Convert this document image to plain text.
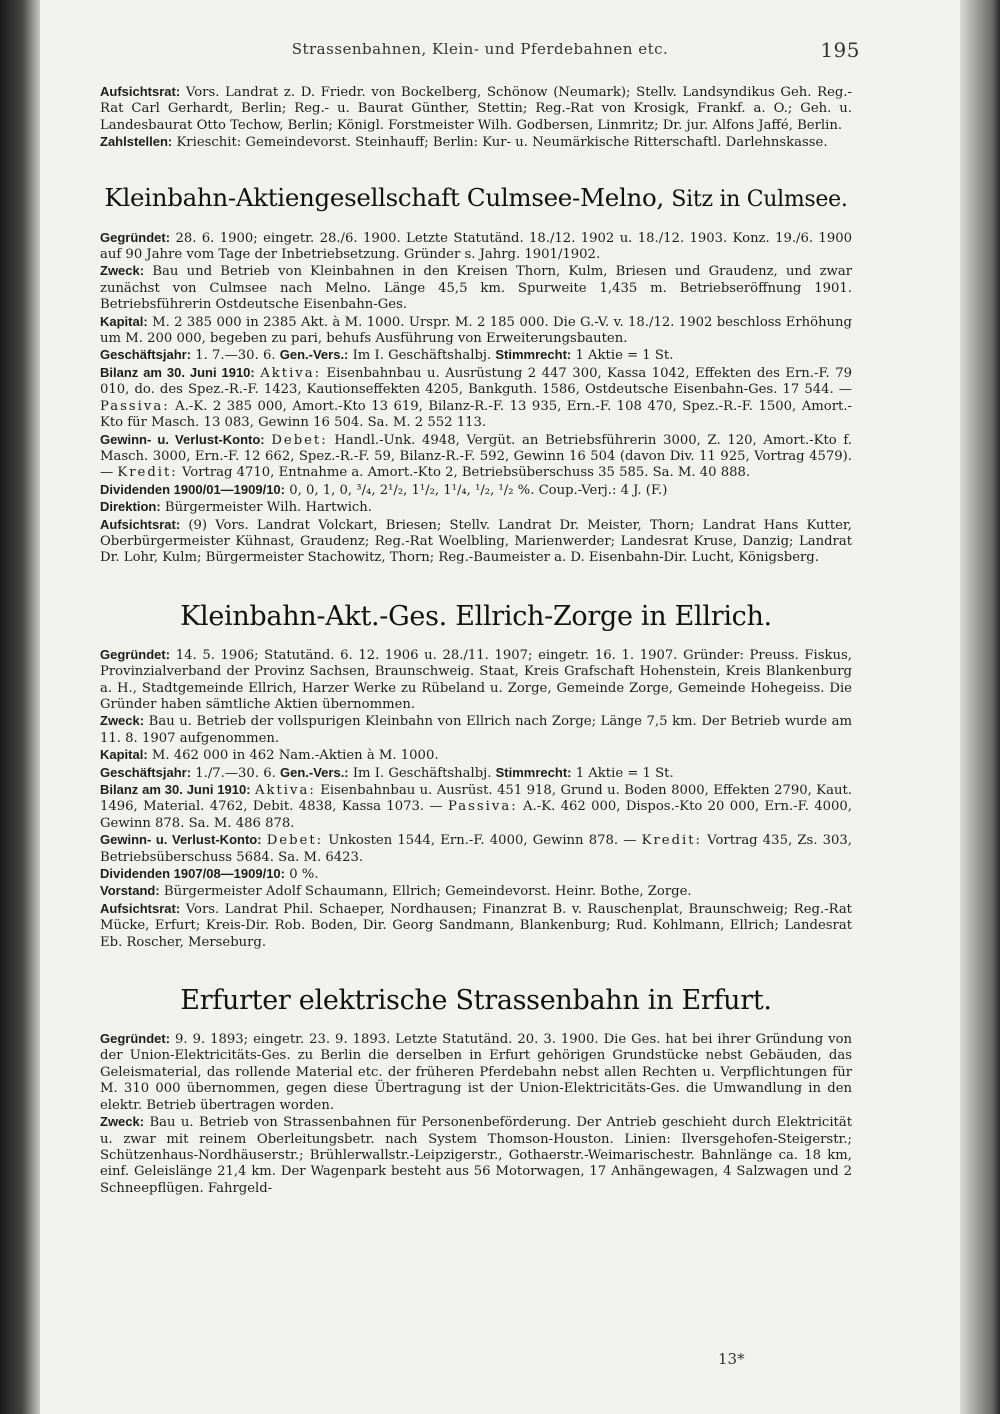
Strassenbahnen, Klein- und Pferdebahnen etc.	195

Aufsichtsrat: Vors. Landrat z. D. Friedr. von Bockelberg, Schönow (Neumark); Stellv. Landsyndikus Geh. Reg.-Rat Carl Gerhardt, Berlin; Reg.- u. Baurat Günther, Stettin; Reg.-Rat von Krosigk, Frankf. a. O.; Geh. u. Landesbaurat Otto Techow, Berlin; Königl. Forstmeister Wilh. Godbersen, Linmritz; Dr. jur. Alfons Jaffé, Berlin.

Zahlstellen: Krieschit: Gemeindevorst. Steinhauff; Berlin: Kur- u. Neumärkische Ritterschaftl. Darlehnskasse.

Kleinbahn-Aktiengesellschaft Culmsee-Melno, Sitz in Culmsee.

Gegründet: 28. 6. 1900; eingetr. 28./6. 1900. Letzte Statutänd. 18./12. 1902 u. 18./12. 1903. Konz. 19./6. 1900 auf 90 Jahre vom Tage der Inbetriebsetzung. Gründer s. Jahrg. 1901/1902.

Zweck: Bau und Betrieb von Kleinbahnen in den Kreisen Thorn, Kulm, Briesen und Graudenz, und zwar zunächst von Culmsee nach Melno. Länge 45,5 km. Spurweite 1,435 m. Betriebseröffnung 1901. Betriebsführerin Ostdeutsche Eisenbahn-Ges.

Kapital: M. 2 385 000 in 2385 Akt. à M. 1000. Urspr. M. 2 185 000. Die G.-V. v. 18./12. 1902 beschloss Erhöhung um M. 200 000, begeben zu pari, behufs Ausführung von Erweiterungsbauten.

Geschäftsjahr: 1. 7.—30. 6. Gen.-Vers.: Im I. Geschäftshalbj. Stimmrecht: 1 Aktie = 1 St.

Bilanz am 30. Juni 1910: Aktiva: Eisenbahnbau u. Ausrüstung 2 447 300, Kassa 1042, Effekten des Ern.-F. 79 010, do. des Spez.-R.-F. 1423, Kautionseffekten 4205, Bankguth. 1586, Ostdeutsche Eisenbahn-Ges. 17 544. — Passiva: A.-K. 2 385 000, Amort.-Kto 13 619, Bilanz-R.-F. 13 935, Ern.-F. 108 470, Spez.-R.-F. 1500, Amort.-Kto für Masch. 13 083, Gewinn 16 504. Sa. M. 2 552 113.

Gewinn- u. Verlust-Konto: Debet: Handl.-Unk. 4948, Vergüt. an Betriebsführerin 3000, Z. 120, Amort.-Kto f. Masch. 3000, Ern.-F. 12 662, Spez.-R.-F. 59, Bilanz-R.-F. 592, Gewinn 16 504 (davon Div. 11 925, Vortrag 4579). — Kredit: Vortrag 4710, Entnahme a. Amort.-Kto 2, Betriebsüberschuss 35 585. Sa. M. 40 888.

Dividenden 1900/01—1909/10: 0, 0, 1, 0, ³/₄, 2¹/₂, 1¹/₂, 1¹/₄, ¹/₂, ¹/₂ %. Coup.-Verj.: 4 J. (F.)

Direktion: Bürgermeister Wilh. Hartwich.

Aufsichtsrat: (9) Vors. Landrat Volckart, Briesen; Stellv. Landrat Dr. Meister, Thorn; Landrat Hans Kutter, Oberbürgermeister Kühnast, Graudenz; Reg.-Rat Woelbling, Marienwerder; Landesrat Kruse, Danzig; Landrat Dr. Lohr, Kulm; Bürgermeister Stachowitz, Thorn; Reg.-Baumeister a. D. Eisenbahn-Dir. Lucht, Königsberg.

Kleinbahn-Akt.-Ges. Ellrich-Zorge in Ellrich.

Gegründet: 14. 5. 1906; Statutänd. 6. 12. 1906 u. 28./11. 1907; eingetr. 16. 1. 1907. Gründer: Preuss. Fiskus, Provinzialverband der Provinz Sachsen, Braunschweig. Staat, Kreis Grafschaft Hohenstein, Kreis Blankenburg a. H., Stadtgemeinde Ellrich, Harzer Werke zu Rübeland u. Zorge, Gemeinde Zorge, Gemeinde Hohegeiss. Die Gründer haben sämtliche Aktien übernommen.

Zweck: Bau u. Betrieb der vollspurigen Kleinbahn von Ellrich nach Zorge; Länge 7,5 km. Der Betrieb wurde am 11. 8. 1907 aufgenommen.

Kapital: M. 462 000 in 462 Nam.-Aktien à M. 1000.

Geschäftsjahr: 1./7.—30. 6. Gen.-Vers.: Im I. Geschäftshalbj. Stimmrecht: 1 Aktie = 1 St.

Bilanz am 30. Juni 1910: Aktiva: Eisenbahnbau u. Ausrüst. 451 918, Grund u. Boden 8000, Effekten 2790, Kaut. 1496, Material. 4762, Debit. 4838, Kassa 1073. — Passiva: A.-K. 462 000, Dispos.-Kto 20 000, Ern.-F. 4000, Gewinn 878. Sa. M. 486 878.

Gewinn- u. Verlust-Konto: Debet: Unkosten 1544, Ern.-F. 4000, Gewinn 878. — Kredit: Vortrag 435, Zs. 303, Betriebsüberschuss 5684. Sa. M. 6423.

Dividenden 1907/08—1909/10: 0 %.

Vorstand: Bürgermeister Adolf Schaumann, Ellrich; Gemeindevorst. Heinr. Bothe, Zorge.

Aufsichtsrat: Vors. Landrat Phil. Schaeper, Nordhausen; Finanzrat B. v. Rauschenplat, Braunschweig; Reg.-Rat Mücke, Erfurt; Kreis-Dir. Rob. Boden, Dir. Georg Sandmann, Blankenburg; Rud. Kohlmann, Ellrich; Landesrat Eb. Roscher, Merseburg.

Erfurter elektrische Strassenbahn in Erfurt.

Gegründet: 9. 9. 1893; eingetr. 23. 9. 1893. Letzte Statutänd. 20. 3. 1900. Die Ges. hat bei ihrer Gründung von der Union-Elektricitäts-Ges. zu Berlin die derselben in Erfurt gehörigen Grundstücke nebst Gebäuden, das Geleismaterial, das rollende Material etc. der früheren Pferdebahn nebst allen Rechten u. Verpflichtungen für M. 310 000 übernommen, gegen diese Übertragung ist der Union-Elektricitäts-Ges. die Umwandlung in den elektr. Betrieb übertragen worden.

Zweck: Bau u. Betrieb von Strassenbahnen für Personenbeförderung. Der Antrieb geschieht durch Elektricität u. zwar mit reinem Oberleitungsbetr. nach System Thomson-Houston. Linien: Ilversgehofen-Steigerstr.; Schützenhaus-Nordhäuserstr.; Brühlerwallstr.-Leipzigerstr., Gothaerstr.-Weimarischestr. Bahnlänge ca. 18 km, einf. Geleislänge 21,4 km. Der Wagenpark besteht aus 56 Motorwagen, 17 Anhängewagen, 4 Salzwagen und 2 Schneepflügen. Fahrgeld-

13*
